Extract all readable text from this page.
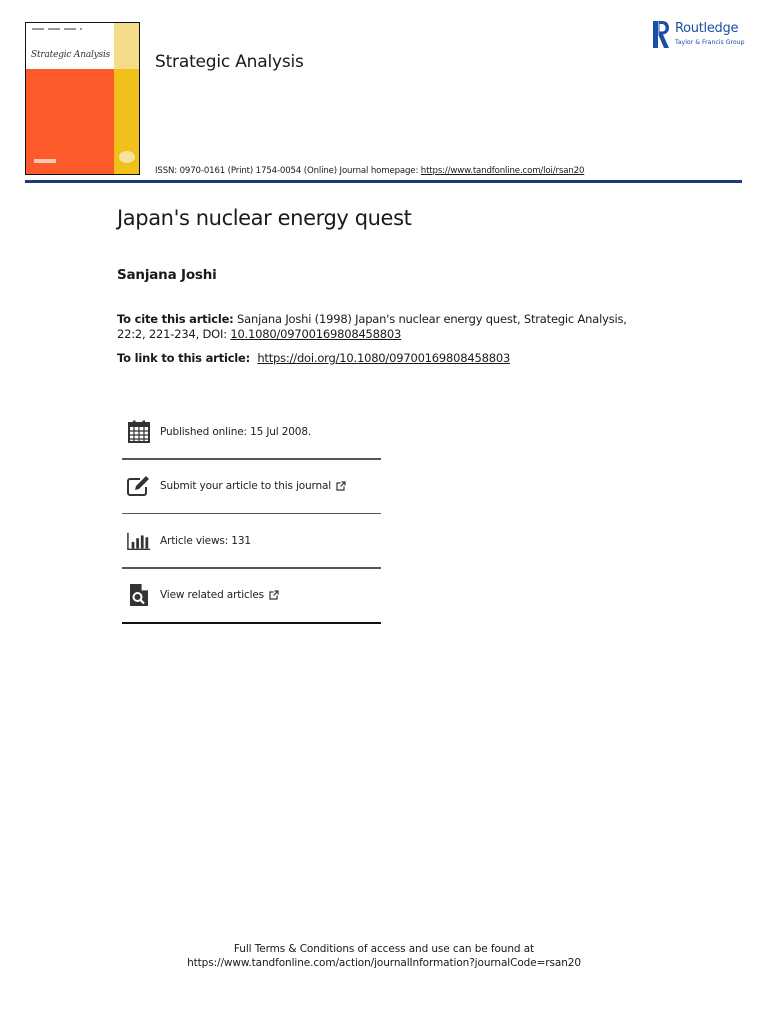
Strategic Analysis	Strategic Analysis
Routledge
Taylor & Francis Group
ISSN: 0970-0161 (Print) 1754-0054 (Online) Journal homepage: https://www.tandfonline.com/loi/rsan20
Japan's nuclear energy quest
Sanjana Joshi
To cite this article: Sanjana Joshi (1998) Japan's nuclear energy quest, Strategic Analysis, 22:2, 221-234, DOI: 10.1080/09700169808458803
To link to this article:  https://doi.org/10.1080/09700169808458803
Published online: 15 Jul 2008.
Submit your article to this journal
Article views: 131
View related articles
Full Terms & Conditions of access and use can be found at
https://www.tandfonline.com/action/journalInformation?journalCode=rsan20
